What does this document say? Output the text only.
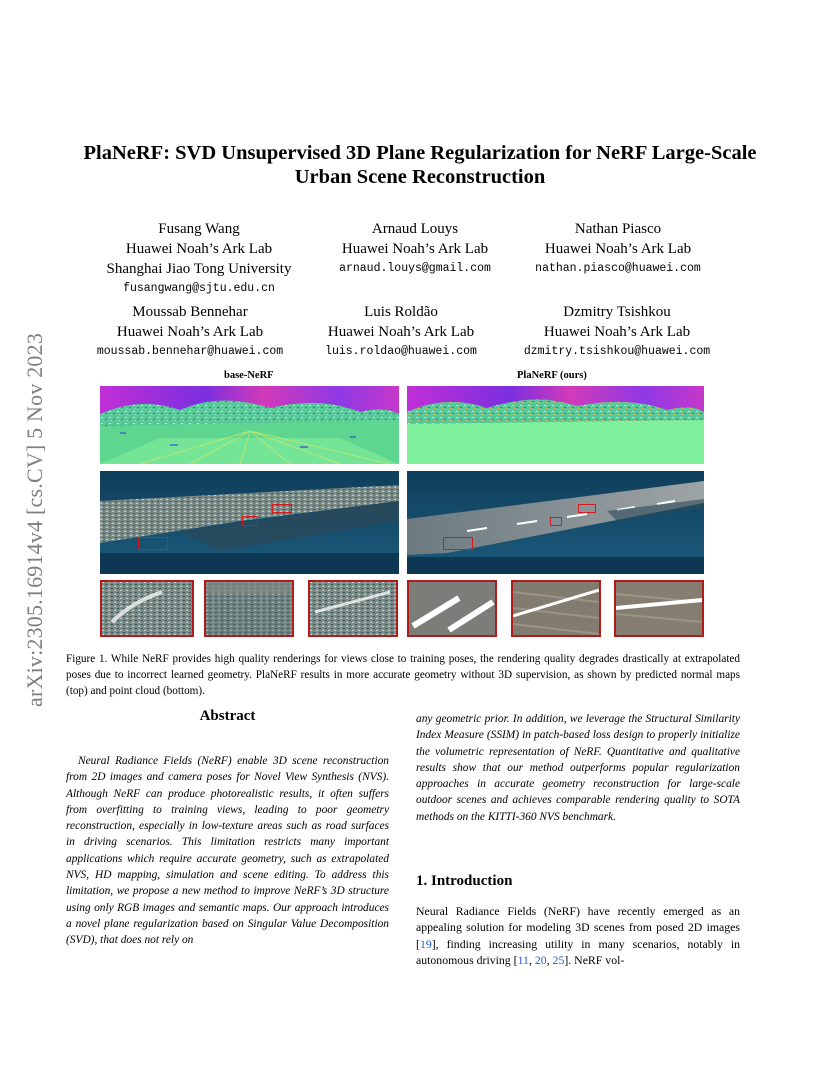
arXiv:2305.16914v4 [cs.CV] 5 Nov 2023
PlaNeRF: SVD Unsupervised 3D Plane Regularization for NeRF Large-Scale
Urban Scene Reconstruction
Fusang Wang
Huawei Noah’s Ark Lab
Shanghai Jiao Tong University
fusangwang@sjtu.edu.cn
Arnaud Louys
Huawei Noah’s Ark Lab
arnaud.louys@gmail.com
Nathan Piasco
Huawei Noah’s Ark Lab
nathan.piasco@huawei.com
Moussab Bennehar
Huawei Noah’s Ark Lab
moussab.bennehar@huawei.com
Luis Roldão
Huawei Noah’s Ark Lab
luis.roldao@huawei.com
Dzmitry Tsishkou
Huawei Noah’s Ark Lab
dzmitry.tsishkou@huawei.com
base-NeRF	PlaNeRF (ours)
Figure 1. While NeRF provides high quality renderings for views close to training poses, the rendering quality degrades drastically at extrapolated poses due to incorrect learned geometry. PlaNeRF results in more accurate geometry without 3D supervision, as shown by predicted normal maps (top) and point cloud (bottom).
Abstract
Neural Radiance Fields (NeRF) enable 3D scene reconstruction from 2D images and camera poses for Novel View Synthesis (NVS). Although NeRF can produce photorealistic results, it often suffers from overfitting to training views, leading to poor geometry reconstruction, especially in low-texture areas such as road surfaces in driving scenarios. This limitation restricts many important applications which require accurate geometry, such as extrapolated NVS, HD mapping, simulation and scene editing. To address this limitation, we propose a new method to improve NeRF’s 3D structure using only RGB images and semantic maps. Our approach introduces a novel plane regularization based on Singular Value Decomposition (SVD), that does not rely on
any geometric prior. In addition, we leverage the Structural Similarity Index Measure (SSIM) in patch-based loss design to properly initialize the volumetric representation of NeRF. Quantitative and qualitative results show that our method outperforms popular regularization approaches in accurate geometry reconstruction for large-scale outdoor scenes and achieves comparable rendering quality to SOTA methods on the KITTI-360 NVS benchmark.
1. Introduction
Neural Radiance Fields (NeRF) have recently emerged as an appealing solution for modeling 3D scenes from posed 2D images [19], finding increasing utility in many scenarios, notably in autonomous driving [11, 20, 25]. NeRF vol-
